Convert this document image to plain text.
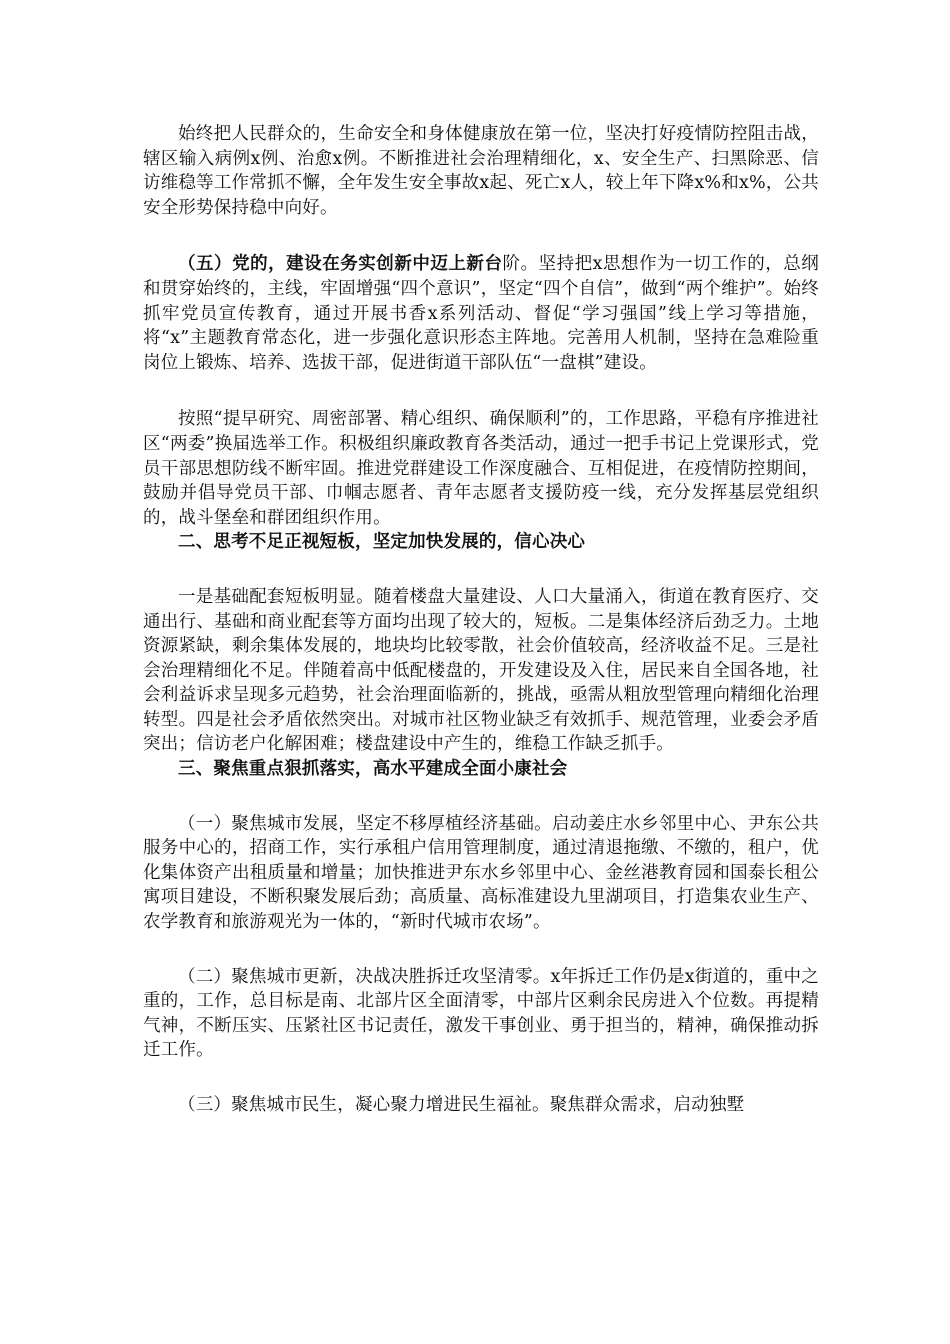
始终把人民群众的，生命安全和身体健康放在第一位，坚决打好疫情防控阻击战，辖区输入病例x例、治愈x例。不断推进社会治理精细化，x、安全生产、扫黑除恶、信访维稳等工作常抓不懈，全年发生安全事故x起、死亡x人，较上年下降x%和x%，公共安全形势保持稳中向好。

（五）党的，建设在务实创新中迈上新台阶。坚持把x思想作为一切工作的，总纲和贯穿始终的，主线，牢固增强“四个意识”，坚定“四个自信”，做到“两个维护”。始终抓牢党员宣传教育，通过开展书香x系列活动、督促“学习强国”线上学习等措施，将“x”主题教育常态化，进一步强化意识形态主阵地。完善用人机制，坚持在急难险重岗位上锻炼、培养、选拔干部，促进街道干部队伍“一盘棋”建设。

按照“提早研究、周密部署、精心组织、确保顺利”的，工作思路，平稳有序推进社区“两委”换届选举工作。积极组织廉政教育各类活动，通过一把手书记上党课形式，党员干部思想防线不断牢固。推进党群建设工作深度融合、互相促进，在疫情防控期间，鼓励并倡导党员干部、巾帼志愿者、青年志愿者支援防疫一线，充分发挥基层党组织的，战斗堡垒和群团组织作用。

二、思考不足正视短板，坚定加快发展的，信心决心

一是基础配套短板明显。随着楼盘大量建设、人口大量涌入，街道在教育医疗、交通出行、基础和商业配套等方面均出现了较大的，短板。二是集体经济后劲乏力。土地资源紧缺，剩余集体发展的，地块均比较零散，社会价值较高，经济收益不足。三是社会治理精细化不足。伴随着高中低配楼盘的，开发建设及入住，居民来自全国各地，社会利益诉求呈现多元趋势，社会治理面临新的，挑战，亟需从粗放型管理向精细化治理转型。四是社会矛盾依然突出。对城市社区物业缺乏有效抓手、规范管理，业委会矛盾突出；信访老户化解困难；楼盘建设中产生的，维稳工作缺乏抓手。

三、聚焦重点狠抓落实，高水平建成全面小康社会

（一）聚焦城市发展，坚定不移厚植经济基础。启动姜庄水乡邻里中心、尹东公共服务中心的，招商工作，实行承租户信用管理制度，通过清退拖缴、不缴的，租户，优化集体资产出租质量和增量；加快推进尹东水乡邻里中心、金丝港教育园和国泰长租公寓项目建设，不断积聚发展后劲；高质量、高标准建设九里湖项目，打造集农业生产、农学教育和旅游观光为一体的，“新时代城市农场”。

（二）聚焦城市更新，决战决胜拆迁攻坚清零。x年拆迁工作仍是x街道的，重中之重的，工作，总目标是南、北部片区全面清零，中部片区剩余民房进入个位数。再提精气神，不断压实、压紧社区书记责任，激发干事创业、勇于担当的，精神，确保推动拆迁工作。

（三）聚焦城市民生，凝心聚力增进民生福祉。聚焦群众需求，启动独墅
